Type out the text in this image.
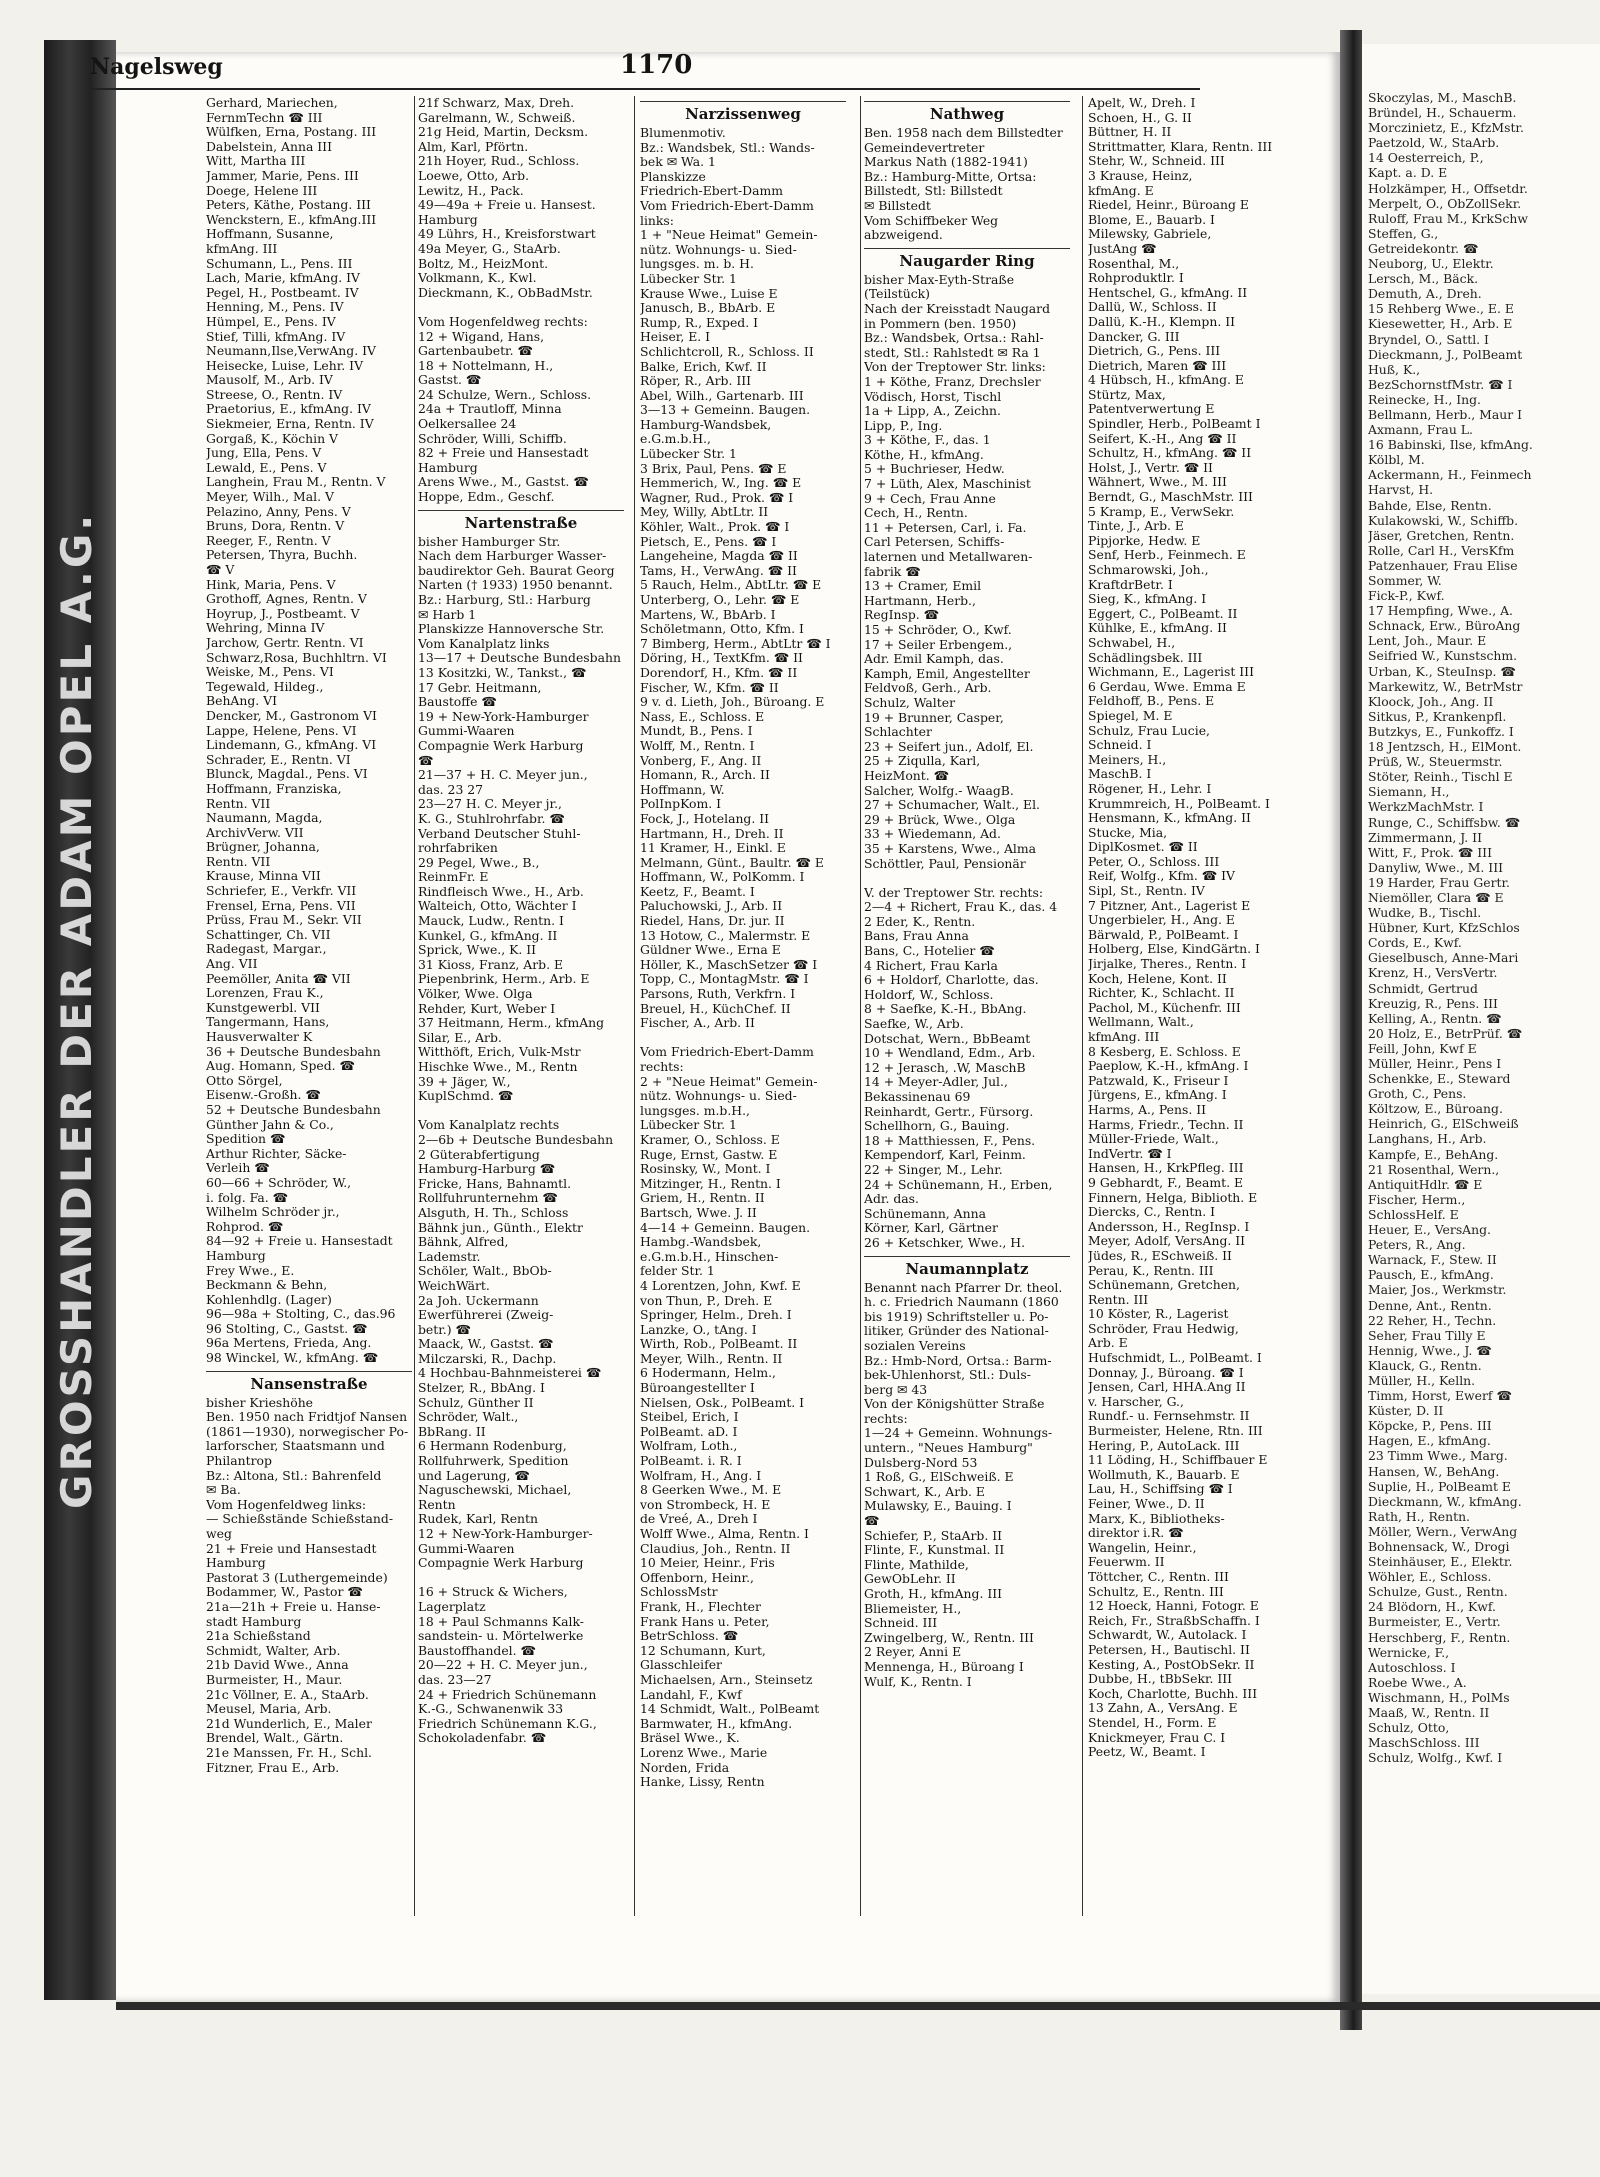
GROSSHANDLER DER ADAM OPEL A.G.
Nagelsweg	1170
Gerhard, Mariechen,
FernmTechn ☎ III
Wülfken, Erna, Postang. III
Dabelstein, Anna III
Witt, Martha III
Jammer, Marie, Pens. III
Doege, Helene III
Peters, Käthe, Postang. III
Wenckstern, E., kfmAng.III
Hoffmann, Susanne,
kfmAng. III
Schumann, L., Pens. III
Lach, Marie, kfmAng. IV
Pegel, H., Postbeamt. IV
Henning, M., Pens. IV
Hümpel, E., Pens. IV
Stief, Tilli, kfmAng. IV
Neumann,Ilse,VerwAng. IV
Heisecke, Luise, Lehr. IV
Mausolf, M., Arb. IV
Streese, O., Rentn. IV
Praetorius, E., kfmAng. IV
Siekmeier, Erna, Rentn. IV
Gorgaß, K., Köchin V
Jung, Ella, Pens. V
Lewald, E., Pens. V
Langhein, Frau M., Rentn. V
Meyer, Wilh., Mal. V
Pelazino, Anny, Pens. V
Bruns, Dora, Rentn. V
Reeger, F., Rentn. V
Petersen, Thyra, Buchh.
☎ V
Hink, Maria, Pens. V
Grothoff, Agnes, Rentn. V
Hoyrup, J., Postbeamt. V
Wehring, Minna IV
Jarchow, Gertr. Rentn. VI
Schwarz,Rosa, Buchhltrn. VI
Weiske, M., Pens. VI
Tegewald, Hildeg.,
BehAng. VI
Dencker, M., Gastronom VI
Lappe, Helene, Pens. VI
Lindemann, G., kfmAng. VI
Schrader, E., Rentn. VI
Blunck, Magdal., Pens. VI
Hoffmann, Franziska,
Rentn. VII
Naumann, Magda,
ArchivVerw. VII
Brügner, Johanna,
Rentn. VII
Krause, Minna VII
Schriefer, E., Verkfr. VII
Frensel, Erna, Pens. VII
Prüss, Frau M., Sekr. VII
Schattinger, Ch. VII
Radegast, Margar.,
Ang. VII
Peemöller, Anita ☎ VII
Lorenzen, Frau K.,
Kunstgewerbl. VII
Tangermann, Hans,
Hausverwalter K
36 + Deutsche Bundesbahn
Aug. Homann, Sped. ☎
Otto Sörgel,
Eisenw.-Großh. ☎
52 + Deutsche Bundesbahn
Günther Jahn & Co.,
Spedition ☎
Arthur Richter, Säcke-
Verleih ☎
60—66 + Schröder, W.,
i. folg. Fa. ☎
Wilhelm Schröder jr.,
Rohprod. ☎
84—92 + Freie u. Hansestadt
Hamburg
Frey Wwe., E.
Beckmann & Behn,
Kohlenhdlg. (Lager)
96—98a + Stolting, C., das.96
96 Stolting, C., Gastst. ☎
96a Mertens, Frieda, Ang.
98 Winckel, W., kfmAng. ☎
Nansenstraße
bisher Krieshöhe
Ben. 1950 nach Fridtjof Nansen
(1861—1930), norwegischer Po-
larforscher, Staatsmann und
Philantrop
Bz.: Altona, Stl.: Bahrenfeld
✉ Ba.
Vom Hogenfeldweg links:
— Schießstände Schießstand-
weg
21 + Freie und Hansestadt
Hamburg
Pastorat 3 (Luthergemeinde)
Bodammer, W., Pastor ☎
21a—21h + Freie u. Hanse-
stadt Hamburg
21a Schießstand
Schmidt, Walter, Arb.
21b David Wwe., Anna
Burmeister, H., Maur.
21c Völlner, E. A., StaArb.
Meusel, Maria, Arb.
21d Wunderlich, E., Maler
Brendel, Walt., Gärtn.
21e Manssen, Fr. H., Schl.
Fitzner, Frau E., Arb.
21f Schwarz, Max, Dreh.
Garelmann, W., Schweiß.
21g Heid, Martin, Decksm.
Alm, Karl, Pförtn.
21h Hoyer, Rud., Schloss.
Loewe, Otto, Arb.
Lewitz, H., Pack.
49—49a + Freie u. Hansest.
Hamburg
49 Lührs, H., Kreisforstwart
49a Meyer, G., StaArb.
Boltz, M., HeizMont.
Volkmann, K., Kwl.
Dieckmann, K., ObBadMstr.

Vom Hogenfeldweg rechts:
12 + Wigand, Hans,
Gartenbaubetr. ☎
18 + Nottelmann, H.,
Gastst. ☎
24 Schulze, Wern., Schloss.
24a + Trautloff, Minna
Oelkersallee 24
Schröder, Willi, Schiffb.
82 + Freie und Hansestadt
Hamburg
Arens Wwe., M., Gastst. ☎
Hoppe, Edm., Geschf.
Nartenstraße
bisher Hamburger Str.
Nach dem Harburger Wasser-
baudirektor Geh. Baurat Georg
Narten († 1933) 1950 benannt.
Bz.: Harburg, Stl.: Harburg
✉ Harb 1
Planskizze Hannoversche Str.
Vom Kanalplatz links
13—17 + Deutsche Bundesbahn
13 Kositzki, W., Tankst., ☎
17 Gebr. Heitmann,
Baustoffe ☎
19 + New-York-Hamburger
Gummi-Waaren
Compagnie Werk Harburg
☎
21—37 + H. C. Meyer jun.,
das. 23 27
23—27 H. C. Meyer jr.,
K. G., Stuhlrohrfabr. ☎
Verband Deutscher Stuhl-
rohrfabriken
29 Pegel, Wwe., B.,
ReinmFr. E
Rindfleisch Wwe., H., Arb.
Walteich, Otto, Wächter I
Mauck, Ludw., Rentn. I
Kunkel, G., kfmAng. II
Sprick, Wwe., K. II
31 Kioss, Franz, Arb. E
Piepenbrink, Herm., Arb. E
Völker, Wwe. Olga
Rehder, Kurt, Weber I
37 Heitmann, Herm., kfmAng
Silar, E., Arb.
Witthöft, Erich, Vulk-Mstr
Hischke Wwe., M., Rentn
39 + Jäger, W.,
KuplSchmd. ☎

Vom Kanalplatz rechts
2—6b + Deutsche Bundesbahn
2 Güterabfertigung
Hamburg-Harburg ☎
Fricke, Hans, Bahnamtl.
Rollfuhrunternehm ☎
Alsguth, H. Th., Schloss
Bähnk jun., Günth., Elektr
Bähnk, Alfred,
Lademstr.
Schöler, Walt., BbOb-
WeichWärt.
2a Joh. Uckermann
Ewerführerei (Zweig-
betr.) ☎
Maack, W., Gastst. ☎
Milczarski, R., Dachp.
4 Hochbau-Bahnmeisterei ☎
Stelzer, R., BbAng. I
Schulz, Günther II
Schröder, Walt.,
BbRang. II
6 Hermann Rodenburg,
Rollfuhrwerk, Spedition
und Lagerung, ☎
Naguschewski, Michael,
Rentn
Rudek, Karl, Rentn
12 + New-York-Hamburger-
Gummi-Waaren
Compagnie Werk Harburg

16 + Struck & Wichers,
Lagerplatz
18 + Paul Schmanns Kalk-
sandstein- u. Mörtelwerke
Baustoffhandel. ☎
20—22 + H. C. Meyer jun.,
das. 23—27
24 + Friedrich Schünemann
K.-G., Schwanenwik 33
Friedrich Schünemann K.G.,
Schokoladenfabr. ☎
Narzissenweg
Blumenmotiv.
Bz.: Wandsbek, Stl.: Wands-
bek ✉ Wa. 1
Planskizze
Friedrich-Ebert-Damm
Vom Friedrich-Ebert-Damm
links:
1 + "Neue Heimat" Gemein-
nütz. Wohnungs- u. Sied-
lungsges. m. b. H.
Lübecker Str. 1
Krause Wwe., Luise E
Janusch, B., BbArb. E
Rump, R., Exped. I
Heiser, E. I
Schlichtcroll, R., Schloss. II
Balke, Erich, Kwf. II
Röper, R., Arb. III
Abel, Wilh., Gartenarb. III
3—13 + Gemeinn. Baugen.
Hamburg-Wandsbek,
e.G.m.b.H.,
Lübecker Str. 1
3 Brix, Paul, Pens. ☎ E
Hemmerich, W., Ing. ☎ E
Wagner, Rud., Prok. ☎ I
Mey, Willy, AbtLtr. II
Köhler, Walt., Prok. ☎ I
Pietsch, E., Pens. ☎ I
Langeheine, Magda ☎ II
Tams, H., VerwAng. ☎ II
5 Rauch, Helm., AbtLtr. ☎ E
Unterberg, O., Lehr. ☎ E
Martens, W., BbArb. I
Schöletmann, Otto, Kfm. I
7 Bimberg, Herm., AbtLtr ☎ I
Döring, H., TextKfm. ☎ II
Dorendorf, H., Kfm. ☎ II
Fischer, W., Kfm. ☎ II
9 v. d. Lieth, Joh., Büroang. E
Nass, E., Schloss. E
Mundt, B., Pens. I
Wolff, M., Rentn. I
Vonberg, F., Ang. II
Homann, R., Arch. II
Hoffmann, W.
PolInpKom. I
Fock, J., Hotelang. II
Hartmann, H., Dreh. II
11 Kramer, H., Einkl. E
Melmann, Günt., Baultr. ☎ E
Hoffmann, W., PolKomm. I
Keetz, F., Beamt. I
Paluchowski, J., Arb. II
Riedel, Hans, Dr. jur. II
13 Hotow, C., Malermstr. E
Güldner Wwe., Erna E
Höller, K., MaschSetzer ☎ I
Topp, C., MontagMstr. ☎ I
Parsons, Ruth, Verkfrn. I
Breuel, H., KüchChef. II
Fischer, A., Arb. II

Vom Friedrich-Ebert-Damm
rechts:
2 + "Neue Heimat" Gemein-
nütz. Wohnungs- u. Sied-
lungsges. m.b.H.,
Lübecker Str. 1
Kramer, O., Schloss. E
Ruge, Ernst, Gastw. E
Rosinsky, W., Mont. I
Mitzinger, H., Rentn. I
Griem, H., Rentn. II
Bartsch, Wwe. J. II
4—14 + Gemeinn. Baugen.
Hambg.-Wandsbek,
e.G.m.b.H., Hinschen-
felder Str. 1
4 Lorentzen, John, Kwf. E
von Thun, P., Dreh. E
Springer, Helm., Dreh. I
Lanzke, O., tAng. I
Wirth, Rob., PolBeamt. II
Meyer, Wilh., Rentn. II
6 Hodermann, Helm.,
Büroangestellter I
Nielsen, Osk., PolBeamt. I
Steibel, Erich, I
PolBeamt. aD. I
Wolfram, Loth.,
PolBeamt. i. R. I
Wolfram, H., Ang. I
8 Geerken Wwe., M. E
von Strombeck, H. E
de Vreé, A., Dreh I
Wolff Wwe., Alma, Rentn. I
Claudius, Joh., Rentn. II
10 Meier, Heinr., Fris
Offenborn, Heinr.,
SchlossMstr
Frank, H., Flechter
Frank Hans u. Peter,
BetrSchloss. ☎
12 Schumann, Kurt,
Glasschleifer
Michaelsen, Arn., Steinsetz
Landahl, F., Kwf
14 Schmidt, Walt., PolBeamt
Barmwater, H., kfmAng.
Bräsel Wwe., K.
Lorenz Wwe., Marie
Norden, Frida
Hanke, Lissy, Rentn
Nathweg
Ben. 1958 nach dem Billstedter
Gemeindevertreter
Markus Nath (1882-1941)
Bz.: Hamburg-Mitte, Ortsa:
Billstedt, Stl: Billstedt
✉ Billstedt
Vom Schiffbeker Weg
abzweigend.
Naugarder Ring
bisher Max-Eyth-Straße
(Teilstück)
Nach der Kreisstadt Naugard
in Pommern (ben. 1950)
Bz.: Wandsbek, Ortsa.: Rahl-
stedt, Stl.: Rahlstedt ✉ Ra 1
Von der Treptower Str. links:
1 + Köthe, Franz, Drechsler
Vödisch, Horst, Tischl
1a + Lipp, A., Zeichn.
Lipp, P., Ing.
3 + Köthe, F., das. 1
Köthe, H., kfmAng.
5 + Buchrieser, Hedw.
7 + Lüth, Alex, Maschinist
9 + Cech, Frau Anne
Cech, H., Rentn.
11 + Petersen, Carl, i. Fa.
Carl Petersen, Schiffs-
laternen und Metallwaren-
fabrik ☎
13 + Cramer, Emil
Hartmann, Herb.,
RegInsp. ☎
15 + Schröder, O., Kwf.
17 + Seiler Erbengem.,
Adr. Emil Kamph, das.
Kamph, Emil, Angestellter
Feldvoß, Gerh., Arb.
Schulz, Walter
19 + Brunner, Casper,
Schlachter
23 + Seifert jun., Adolf, El.
25 + Ziqulla, Karl,
HeizMont. ☎
Salcher, Wolfg.- WaagB.
27 + Schumacher, Walt., El.
29 + Brück, Wwe., Olga
33 + Wiedemann, Ad.
35 + Karstens, Wwe., Alma
Schöttler, Paul, Pensionär

V. der Treptower Str. rechts:
2—4 + Richert, Frau K., das. 4
2 Eder, K., Rentn.
Bans, Frau Anna
Bans, C., Hotelier ☎
4 Richert, Frau Karla
6 + Holdorf, Charlotte, das.
Holdorf, W., Schloss.
8 + Saefke, K.-H., BbAng.
Saefke, W., Arb.
Dotschat, Wern., BbBeamt
10 + Wendland, Edm., Arb.
12 + Jerasch, .W, MaschB
14 + Meyer-Adler, Jul.,
Bekassinenau 69
Reinhardt, Gertr., Fürsorg.
Schellhorn, G., Bauing.
18 + Matthiessen, F., Pens.
Kempendorf, Karl, Feinm.
22 + Singer, M., Lehr.
24 + Schünemann, H., Erben,
Adr. das.
Schünemann, Anna
Körner, Karl, Gärtner
26 + Ketschker, Wwe., H.
Naumannplatz
Benannt nach Pfarrer Dr. theol.
h. c. Friedrich Naumann (1860
bis 1919) Schriftsteller u. Po-
litiker, Gründer des National-
sozialen Vereins
Bz.: Hmb-Nord, Ortsa.: Barm-
bek-Uhlenhorst, Stl.: Duls-
berg ✉ 43
Von der Königshütter Straße
rechts:
1—24 + Gemeinn. Wohnungs-
untern., "Neues Hamburg"
Dulsberg-Nord 53
1 Roß, G., ElSchweiß. E
Schwart, K., Arb. E
Mulawsky, E., Bauing. I
☎
Schiefer, P., StaArb. II
Flinte, F., Kunstmal. II
Flinte, Mathilde,
GewObLehr. II
Groth, H., kfmAng. III
Bliemeister, H.,
Schneid. III
Zwingelberg, W., Rentn. III
2 Reyer, Anni E
Mennenga, H., Büroang I
Wulf, K., Rentn. I
Apelt, W., Dreh. I
Schoen, H., G. II
Büttner, H. II
Strittmatter, Klara, Rentn. III
Stehr, W., Schneid. III
3 Krause, Heinz,
kfmAng. E
Riedel, Heinr., Büroang E
Blome, E., Bauarb. I
Milewsky, Gabriele,
JustAng ☎
Rosenthal, M.,
Rohproduktlr. I
Hentschel, G., kfmAng. II
Dallü, W., Schloss. II
Dallü, K.-H., Klempn. II
Dancker, G. III
Dietrich, G., Pens. III
Dietrich, Maren ☎ III
4 Hübsch, H., kfmAng. E
Stürtz, Max,
Patentverwertung E
Spindler, Herb., PolBeamt I
Seifert, K.-H., Ang ☎ II
Schultz, H., kfmAng. ☎ II
Holst, J., Vertr. ☎ II
Wähnert, Wwe., M. III
Berndt, G., MaschMstr. III
5 Kramp, E., VerwSekr.
Tinte, J., Arb. E
Pipjorke, Hedw. E
Senf, Herb., Feinmech. E
Schmarowski, Joh.,
KraftdrBetr. I
Sieg, K., kfmAng. I
Eggert, C., PolBeamt. II
Kühlke, E., kfmAng. II
Schwabel, H.,
Schädlingsbek. III
Wichmann, E., Lagerist III
6 Gerdau, Wwe. Emma E
Feldhoff, B., Pens. E
Spiegel, M. E
Schulz, Frau Lucie,
Schneid. I
Meiners, H.,
MaschB. I
Rögener, H., Lehr. I
Krummreich, H., PolBeamt. I
Hensmann, K., kfmAng. II
Stucke, Mia,
DiplKosmet. ☎ II
Peter, O., Schloss. III
Reif, Wolfg., Kfm. ☎ IV
Sipl, St., Rentn. IV
7 Pitzner, Ant., Lagerist E
Ungerbieler, H., Ang. E
Bärwald, P., PolBeamt. I
Holberg, Else, KindGärtn. I
Jirjalke, Theres., Rentn. I
Koch, Helene, Kont. II
Richter, K., Schlacht. II
Pachol, M., Küchenfr. III
Wellmann, Walt.,
kfmAng. III
8 Kesberg, E. Schloss. E
Paeplow, K.-H., kfmAng. I
Patzwald, K., Friseur I
Jürgens, E., kfmAng. I
Harms, A., Pens. II
Harms, Friedr., Techn. II
Müller-Friede, Walt.,
IndVertr. ☎ I
Hansen, H., KrkPfleg. III
9 Gebhardt, F., Beamt. E
Finnern, Helga, Biblioth. E
Diercks, C., Rentn. I
Andersson, H., RegInsp. I
Meyer, Adolf, VersAng. II
Jüdes, R., ESchweiß. II
Perau, K., Rentn. III
Schünemann, Gretchen,
Rentn. III
10 Köster, R., Lagerist
Schröder, Frau Hedwig,
Arb. E
Hufschmidt, L., PolBeamt. I
Donnay, J., Büroang. ☎ I
Jensen, Carl, HHA.Ang II
v. Harscher, G.,
Rundf.- u. Fernsehmstr. II
Burmeister, Helene, Rtn. III
Hering, P., AutoLack. III
11 Löding, H., Schiffbauer E
Wollmuth, K., Bauarb. E
Lau, H., Schiffsing ☎ I
Feiner, Wwe., D. II
Marx, K., Bibliotheks-
direktor i.R. ☎
Wangelin, Heinr.,
Feuerwm. II
Töttcher, C., Rentn. III
Schultz, E., Rentn. III
12 Hoeck, Hanni, Fotogr. E
Reich, Fr., StraßbSchaffn. I
Schwardt, W., Autolack. I
Petersen, H., Bautischl. II
Kesting, A., PostObSekr. II
Dubbe, H., tBbSekr. III
Koch, Charlotte, Buchh. III
13 Zahn, A., VersAng. E
Stendel, H., Form. E
Knickmeyer, Frau C. I
Peetz, W., Beamt. I
Skoczylas, M., MaschB.
Bründel, H., Schauerm.
Morczinietz, E., KfzMstr.
Paetzold, W., StaArb.
14 Oesterreich, P.,
Kapt. a. D. E
Holzkämper, H., Offsetdr.
Merpelt, O., ObZollSekr.
Ruloff, Frau M., KrkSchw
Steffen, G.,
Getreidekontr. ☎
Neuborg, U., Elektr.
Lersch, M., Bäck.
Demuth, A., Dreh.
15 Rehberg Wwe., E. E
Kiesewetter, H., Arb. E
Bryndel, O., Sattl. I
Dieckmann, J., PolBeamt
Huß, K.,
BezSchornstfMstr. ☎ I
Reinecke, H., Ing.
Bellmann, Herb., Maur I
Axmann, Frau L.
16 Babinski, Ilse, kfmAng.
Kölbl, M.
Ackermann, H., Feinmech
Harvst, H.
Bahde, Else, Rentn.
Kulakowski, W., Schiffb.
Jäser, Gretchen, Rentn.
Rolle, Carl H., VersKfm
Patzenhauer, Frau Elise
Sommer, W.
Fick-P., Kwf.
17 Hempfing, Wwe., A.
Schnack, Erw., BüroAng
Lent, Joh., Maur. E
Seifried W., Kunstschm.
Urban, K., SteuInsp. ☎
Markewitz, W., BetrMstr
Kloock, Joh., Ang. II
Sitkus, P., Krankenpfl.
Butzkys, E., Funkoffz. I
18 Jentzsch, H., ElMont.
Prüß, W., Steuermstr.
Stöter, Reinh., Tischl E
Siemann, H.,
WerkzMachMstr. I
Runge, C., Schiffsbw. ☎
Zimmermann, J. II
Witt, F., Prok. ☎ III
Danyliw, Wwe., M. III
19 Harder, Frau Gertr.
Niemöller, Clara ☎ E
Wudke, B., Tischl.
Hübner, Kurt, KfzSchlos
Cords, E., Kwf.
Gieselbusch, Anne-Mari
Krenz, H., VersVertr.
Schmidt, Gertrud
Kreuzig, R., Pens. III
Kelling, A., Rentn. ☎
20 Holz, E., BetrPrüf. ☎
Feill, John, Kwf E
Müller, Heinr., Pens I
Schenkke, E., Steward
Groth, C., Pens.
Költzow, E., Büroang.
Heinrich, G., ElSchweiß
Langhans, H., Arb.
Kampfe, E., BehAng.
21 Rosenthal, Wern.,
AntiquitHdlr. ☎ E
Fischer, Herm.,
SchlossHelf. E
Heuer, E., VersAng.
Peters, R., Ang.
Warnack, F., Stew. II
Pausch, E., kfmAng.
Maier, Jos., Werkmstr.
Denne, Ant., Rentn.
22 Reher, H., Techn.
Seher, Frau Tilly E
Hennig, Wwe., J. ☎
Klauck, G., Rentn.
Müller, H., Kelln.
Timm, Horst, Ewerf ☎
Küster, D. II
Köpcke, P., Pens. III
Hagen, E., kfmAng.
23 Timm Wwe., Marg.
Hansen, W., BehAng.
Suplie, H., PolBeamt E
Dieckmann, W., kfmAng.
Rath, H., Rentn.
Möller, Wern., VerwAng
Bohnensack, W., Drogi
Steinhäuser, E., Elektr.
Wöhler, E., Schloss.
Schulze, Gust., Rentn.
24 Blödorn, H., Kwf.
Burmeister, E., Vertr.
Herschberg, F., Rentn.
Wernicke, F.,
Autoschloss. I
Roebe Wwe., A.
Wischmann, H., PolMs
Maaß, W., Rentn. II
Schulz, Otto,
MaschSchloss. III
Schulz, Wolfg., Kwf. I
